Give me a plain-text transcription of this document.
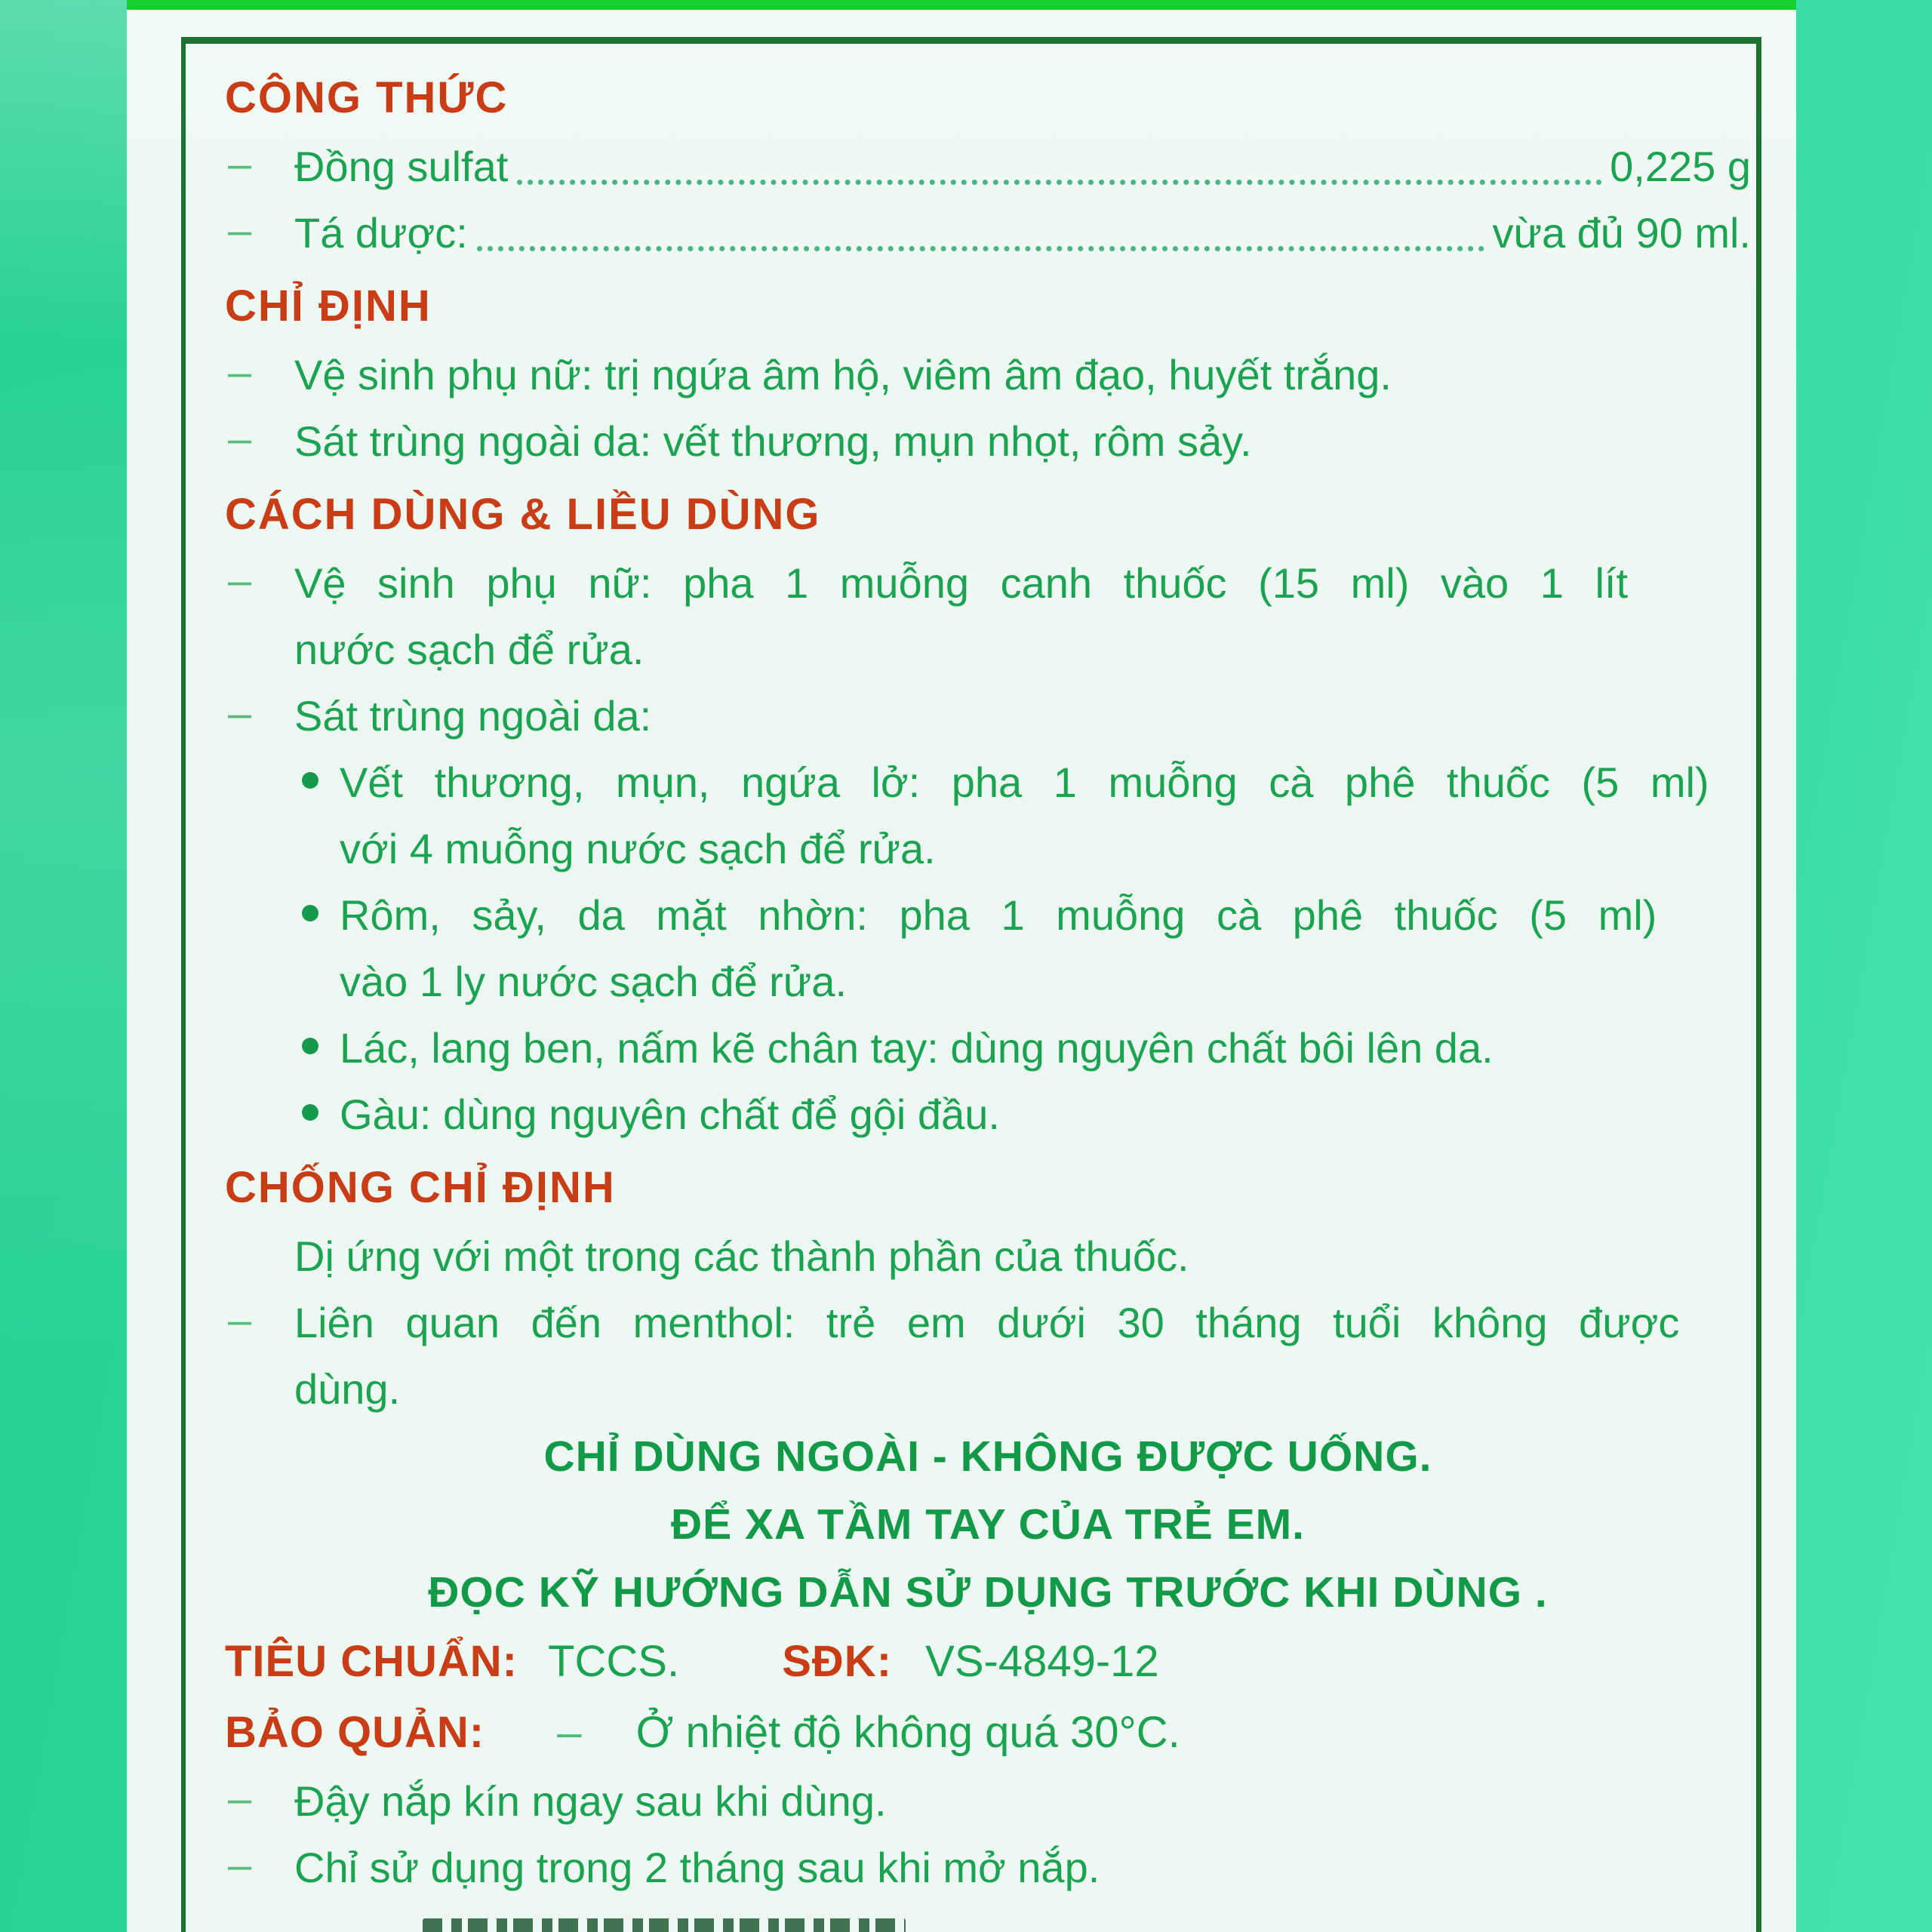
CÔNG THỨC
– Đồng sulfat	0,225 g
– Tá dược:	vừa đủ 90 ml.
CHỈ ĐỊNH
– Vệ sinh phụ nữ: trị ngứa âm hộ, viêm âm đạo, huyết trắng.
– Sát trùng ngoài da: vết thương, mụn nhọt, rôm sảy.
CÁCH DÙNG & LIỀU DÙNG
– Vệ sinh phụ nữ: pha 1 muỗng canh thuốc (15 ml) vào 1 lít
nước sạch để rửa.
– Sát trùng ngoài da:
Vết thương, mụn, ngứa lở: pha 1 muỗng cà phê thuốc (5 ml)
với 4 muỗng nước sạch để rửa.
Rôm, sảy, da mặt nhờn: pha 1 muỗng cà phê thuốc (5 ml)
vào 1 ly nước sạch để rửa.
Lác, lang ben, nấm kẽ chân tay: dùng nguyên chất bôi lên da.
Gàu: dùng nguyên chất để gội đầu.
CHỐNG CHỈ ĐỊNH
Dị ứng với một trong các thành phần của thuốc.
– Liên quan đến menthol: trẻ em dưới 30 tháng tuổi không được
dùng.
CHỈ DÙNG NGOÀI - KHÔNG ĐƯỢC UỐNG.
ĐỂ XA TẦM TAY CỦA TRẺ EM.
ĐỌC KỸ HƯỚNG DẪN SỬ DỤNG TRƯỚC KHI DÙNG .
TIÊU CHUẨN: TCCS. SĐK: VS-4849-12
BẢO QUẢN: – Ở nhiệt độ không quá 30°C.
– Đậy nắp kín ngay sau khi dùng.
– Chỉ sử dụng trong 2 tháng sau khi mở nắp.
